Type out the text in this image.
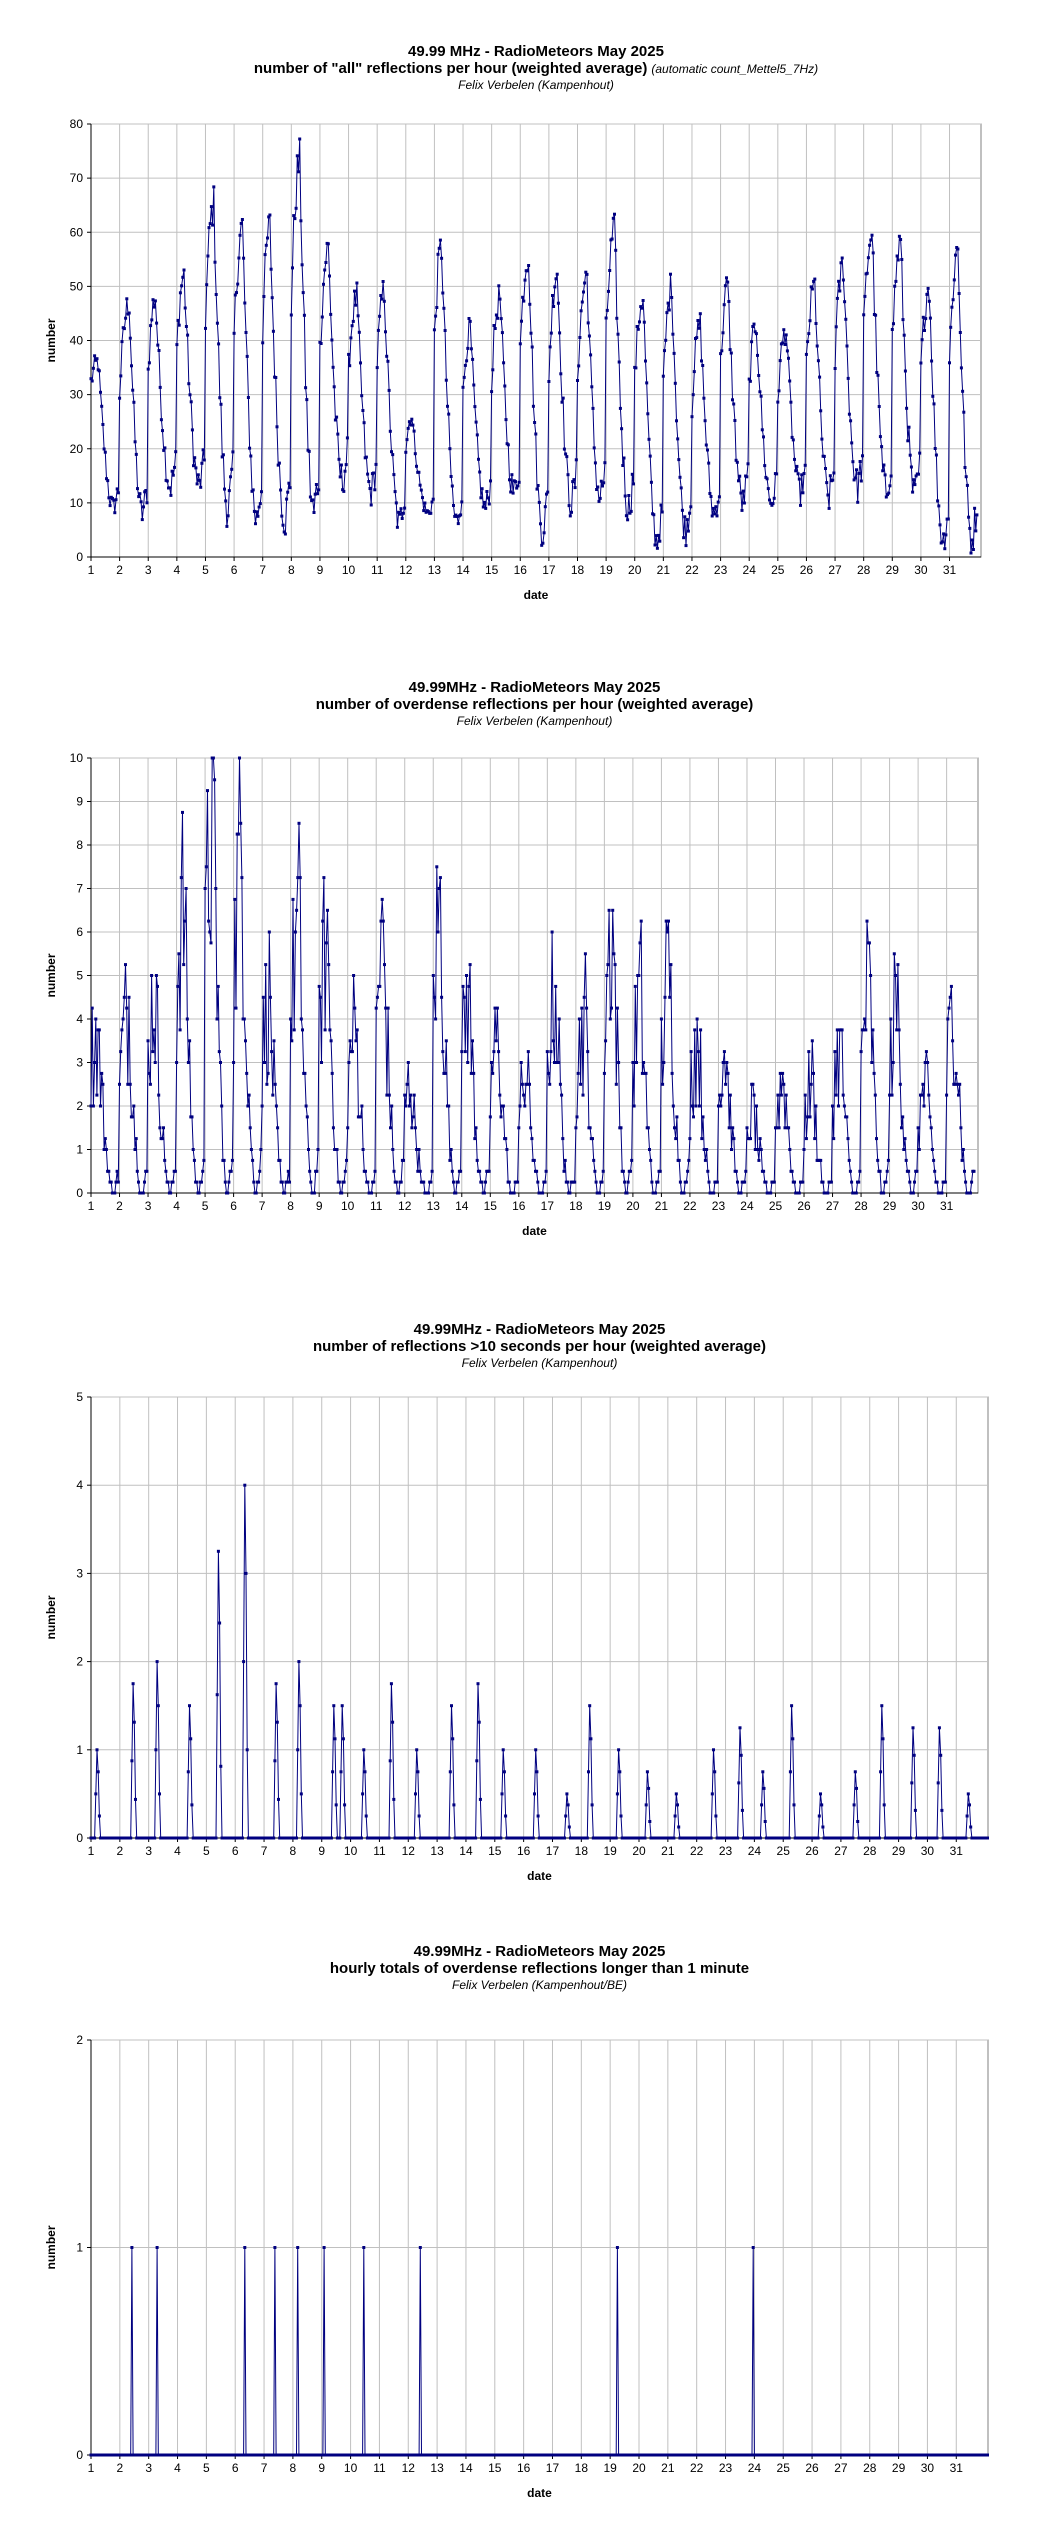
49.99 MHz - RadioMeteors May 2025
number of "all" reflections per hour (weighted average) (automatic count_Mettel5_7Hz)
Felix Verbelen (Kampenhout)
0
10
20
30
40
50
60
70
80
1 2 3 4 5 6 7 8 9 10 11 12 13 14 15 16 17 18 19 20 21 22 23 24 25 26 27 28 29 30 31
date
number
49.99MHz - RadioMeteors May 2025
number of overdense reflections per hour (weighted average)
Felix Verbelen (Kampenhout)
0
1
2
3
4
5
6
7
8
9
10
1 2 3 4 5 6 7 8 9 10 11 12 13 14 15 16 17 18 19 20 21 22 23 24 25 26 27 28 29 30 31
date
number
49.99MHz - RadioMeteors May 2025
number of reflections >10 seconds per hour (weighted average)
Felix Verbelen (Kampenhout)
0
1
2
3
4
5
1 2 3 4 5 6 7 8 9 10 11 12 13 14 15 16 17 18 19 20 21 22 23 24 25 26 27 28 29 30 31
date
number
49.99MHz - RadioMeteors May 2025
hourly totals of overdense reflections longer than 1 minute
Felix Verbelen (Kampenhout/BE)
0
1
2
1 2 3 4 5 6 7 8 9 10 11 12 13 14 15 16 17 18 19 20 21 22 23 24 25 26 27 28 29 30 31
date
number
